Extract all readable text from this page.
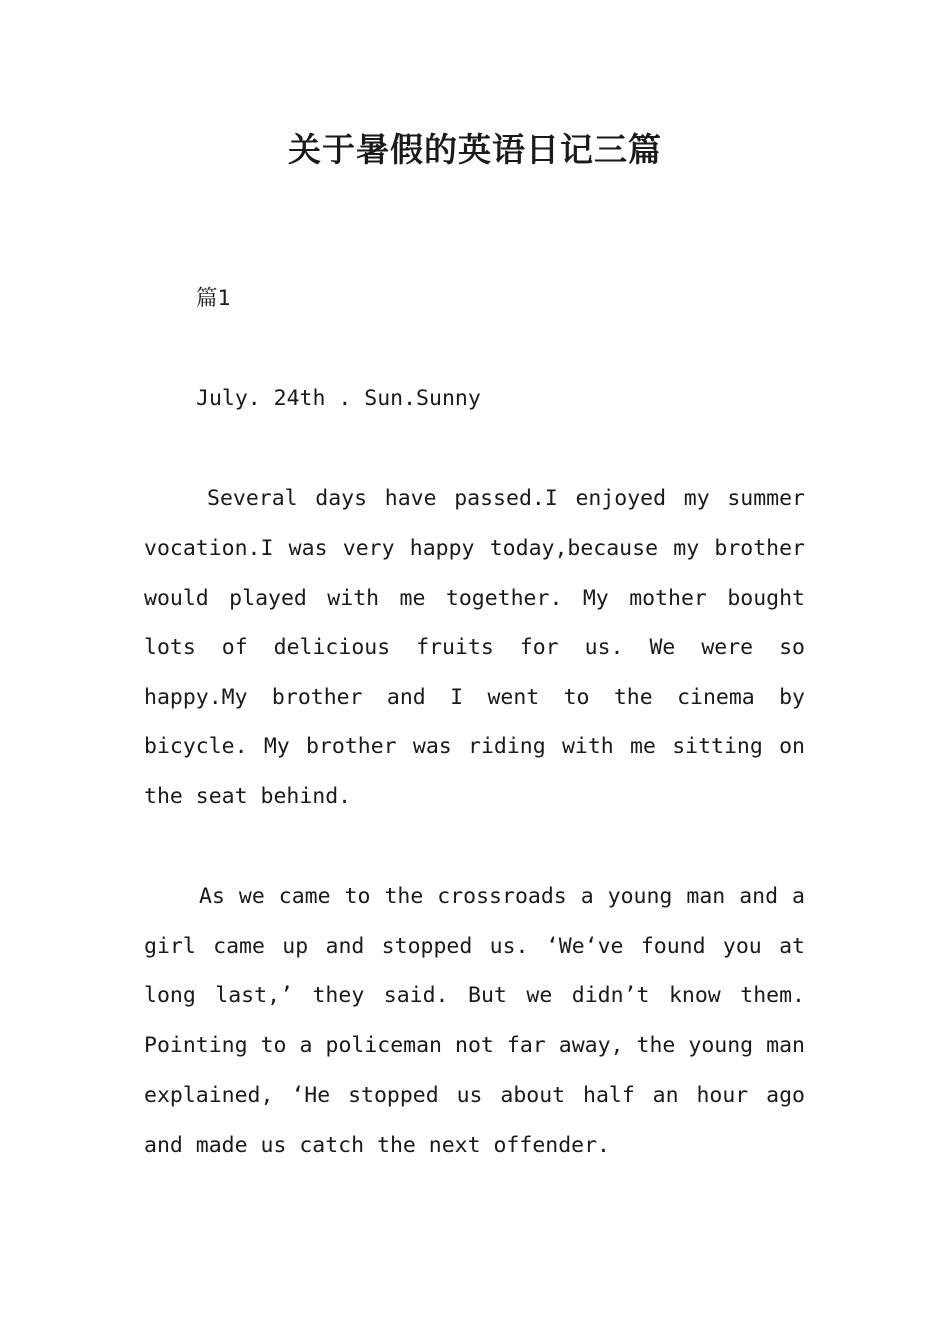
关于暑假的英语日记三篇

篇1

July. 24th . Sun.Sunny

Several days have passed.I enjoyed my summer

vocation.I was very happy today,because my brother

would played with me together. My mother bought

lots of delicious fruits for us. We were so

happy.My brother and I went to the cinema by

bicycle. My brother was riding with me sitting on

the seat behind.

As we came to the crossroads a young man and a

girl came up and stopped us. ‘We‘ve found you at

long last,’ they said. But we didn’t know them.

Pointing to a policeman not far away, the young man

explained, ‘He stopped us about half an hour ago

and made us catch the next offender.
